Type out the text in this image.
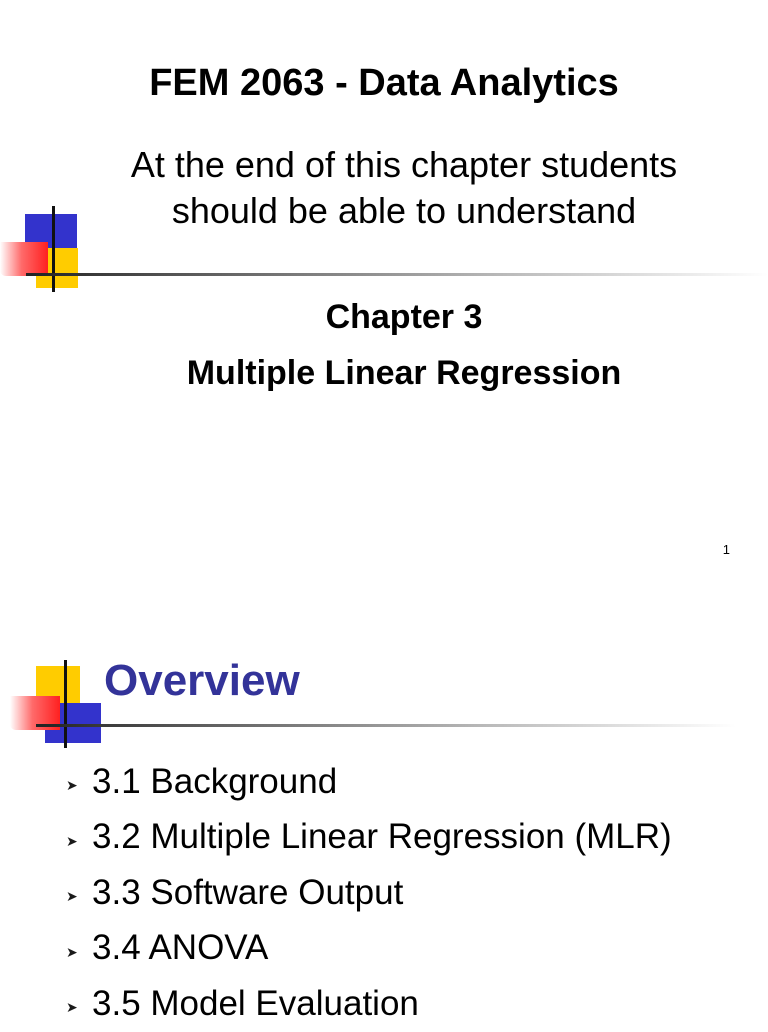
FEM 2063 - Data Analytics

At the end of this chapter students should be able to understand

Chapter 3

Multiple Linear Regression

1
Overview
➤ 3.1 Background
➤ 3.2 Multiple Linear Regression (MLR)
➤ 3.3 Software Output
➤ 3.4 ANOVA
➤ 3.5 Model Evaluation
